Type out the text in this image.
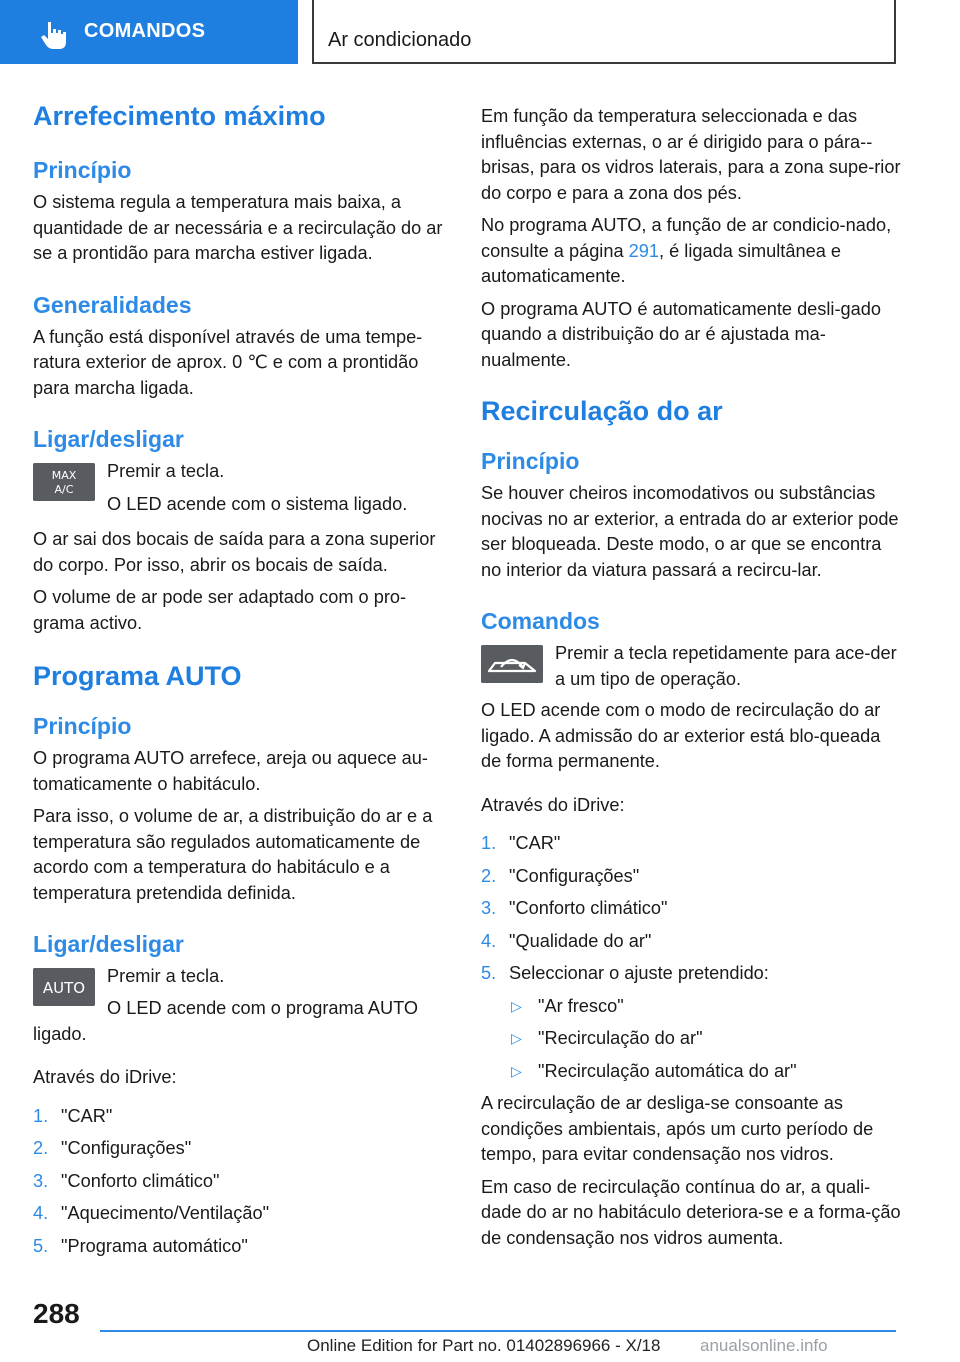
COMANDOS	Ar condicionado
Arrefecimento máximo
Princípio

O sistema regula a temperatura mais baixa, a quantidade de ar necessária e a recirculação do ar se a prontidão para marcha estiver ligada.

Generalidades

A função está disponível através de uma tempe-ratura exterior de aprox. 0 ℃ e com a prontidão para marcha ligada.

Ligar/desligar
MAX
A/C

Premir a tecla.

O LED acende com o sistema ligado.

O ar sai dos bocais de saída para a zona superior do corpo. Por isso, abrir os bocais de saída.

O volume de ar pode ser adaptado com o pro-grama activo.

Programa AUTO
Princípio

O programa AUTO arrefece, areja ou aquece au-tomaticamente o habitáculo.

Para isso, o volume de ar, a distribuição do ar e a temperatura são regulados automaticamente de acordo com a temperatura do habitáculo e a temperatura pretendida definida.

Ligar/desligar
AUTO

Premir a tecla.

O LED acende com o programa AUTO ligado.

Através do iDrive:

1. "CAR"
2. "Configurações"
3. "Conforto climático"
4. "Aquecimento/Ventilação"
5. "Programa automático"

Em função da temperatura seleccionada e das influências externas, o ar é dirigido para o pára--brisas, para os vidros laterais, para a zona supe-rior do corpo e para a zona dos pés.

No programa AUTO, a função de ar condicio-nado, consulte a página 291, é ligada simultânea e automaticamente.

O programa AUTO é automaticamente desli-gado quando a distribuição do ar é ajustada ma-nualmente.

Recirculação do ar
Princípio

Se houver cheiros incomodativos ou substâncias nocivas no ar exterior, a entrada do ar exterior pode ser bloqueada. Deste modo, o ar que se encontra no interior da viatura passará a recircu-lar.

Comandos

Premir a tecla repetidamente para ace-der a um tipo de operação.

O LED acende com o modo de recirculação do ar ligado. A admissão do ar exterior está blo-queada de forma permanente.

Através do iDrive:

1. "CAR"
2. "Configurações"
3. "Conforto climático"
4. "Qualidade do ar"
5. Seleccionar o ajuste pretendido:
▷ "Ar fresco"
▷ "Recirculação do ar"
▷ "Recirculação automática do ar"

A recirculação de ar desliga-se consoante as condições ambientais, após um curto período de tempo, para evitar condensação nos vidros.

Em caso de recirculação contínua do ar, a quali-dade do ar no habitáculo deteriora-se e a forma-ção de condensação nos vidros aumenta.

288
Online Edition for Part no. 01402896966 - X/18 anualsonline.info
